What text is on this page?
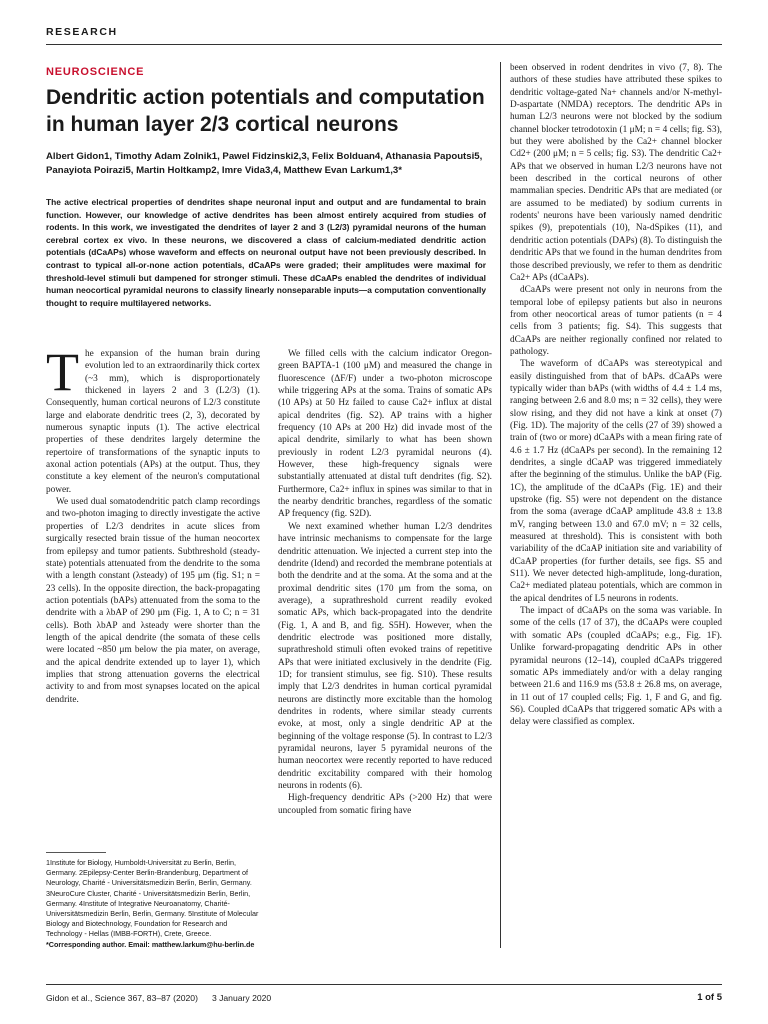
RESEARCH
NEUROSCIENCE
Dendritic action potentials and computation in human layer 2/3 cortical neurons

Albert Gidon1, Timothy Adam Zolnik1, Pawel Fidzinski2,3, Felix Bolduan4, Athanasia Papoutsi5, Panayiota Poirazi5, Martin Holtkamp2, Imre Vida3,4, Matthew Evan Larkum1,3*

The active electrical properties of dendrites shape neuronal input and output and are fundamental to brain function. However, our knowledge of active dendrites has been almost entirely acquired from studies of rodents. In this work, we investigated the dendrites of layer 2 and 3 (L2/3) pyramidal neurons of the human cerebral cortex ex vivo. In these neurons, we discovered a class of calcium-mediated dendritic action potentials (dCaAPs) whose waveform and effects on neuronal output have not been previously described. In contrast to typical all-or-none action potentials, dCaAPs were graded; their amplitudes were maximal for threshold-level stimuli but dampened for stronger stimuli. These dCaAPs enabled the dendrites of individual human neocortical pyramidal neurons to classify linearly nonseparable inputs—a computation conventionally thought to require multilayered networks.

The expansion of the human brain during evolution led to an extraordinarily thick cortex (~3 mm), which is disproportionately thickened in layers 2 and 3 (L2/3) (1). Consequently, human cortical neurons of L2/3 constitute large and elaborate dendritic trees (2, 3), decorated by numerous synaptic inputs (1). The active electrical properties of these dendrites largely determine the repertoire of transformations of the synaptic inputs to axonal action potentials (APs) at the output. Thus, they constitute a key element of the neuron's computational power.

We used dual somatodendritic patch clamp recordings and two-photon imaging to directly investigate the active properties of L2/3 dendrites in acute slices from surgically resected brain tissue of the human neocortex from epilepsy and tumor patients. Subthreshold (steady-state) potentials attenuated from the dendrite to the soma with a length constant (λsteady) of 195 μm (fig. S1; n = 23 cells). In the opposite direction, the back-propagating action potentials (bAPs) attenuated from the soma to the dendrite with a λbAP of 290 μm (Fig. 1, A to C; n = 31 cells). Both λbAP and λsteady were shorter than the length of the apical dendrite (the somata of these cells were located ~850 μm below the pia mater, on average, and the apical dendrite extended up to layer 1), which implies that strong attenuation governs the electrical activity to and from most synapses located on the apical dendrite.

We filled cells with the calcium indicator Oregon-green BAPTA-1 (100 μM) and measured the change in fluorescence (ΔF/F) under a two-photon microscope while triggering APs at the soma. Trains of somatic APs (10 APs) at 50 Hz failed to cause Ca2+ influx at distal apical dendrites (fig. S2). AP trains with a higher frequency (10 APs at 200 Hz) did invade most of the apical dendrite, similarly to what has been shown previously in rodent L2/3 pyramidal neurons (4). However, these high-frequency signals were substantially attenuated at distal tuft dendrites (fig. S2). Furthermore, Ca2+ influx in spines was similar to that in the nearby dendritic branches, regardless of the somatic AP frequency (fig. S2D).

We next examined whether human L2/3 dendrites have intrinsic mechanisms to compensate for the large dendritic attenuation. We injected a current step into the dendrite (Idend) and recorded the membrane potentials at both the dendrite and at the soma. At the soma and at the proximal dendritic sites (170 μm from the soma, on average), a suprathreshold current readily evoked somatic APs, which back-propagated into the dendrite (Fig. 1, A and B, and fig. S5H). However, when the dendritic electrode was positioned more distally, suprathreshold stimuli often evoked trains of repetitive APs that were initiated exclusively in the dendrite (Fig. 1D; for transient stimulus, see fig. S10). These results imply that L2/3 dendrites in human cortical pyramidal neurons are distinctly more excitable than the homolog dendrites in rodents, where similar steady currents evoke, at most, only a single dendritic AP at the beginning of the voltage response (5). In contrast to L2/3 pyramidal neurons, layer 5 pyramidal neurons of the human neocortex were recently reported to have reduced dendritic excitability compared with their homolog neurons in rodents (6).

High-frequency dendritic APs (>200 Hz) that were uncoupled from somatic firing have

been observed in rodent dendrites in vivo (7, 8). The authors of these studies have attributed these spikes to dendritic voltage-gated Na+ channels and/or N-methyl-D-aspartate (NMDA) receptors. The dendritic APs in human L2/3 neurons were not blocked by the sodium channel blocker tetrodotoxin (1 μM; n = 4 cells; fig. S3), but they were abolished by the Ca2+ channel blocker Cd2+ (200 μM; n = 5 cells; fig. S3). The dendritic Ca2+ APs that we observed in human L2/3 neurons have not been described in the cortical neurons of other mammalian species. Dendritic APs that are mediated (or are assumed to be mediated) by sodium currents in rodents' neurons have been variously named dendritic spikes (9), prepotentials (10), Na-dSpikes (11), and dendritic action potentials (DAPs) (8). To distinguish the dendritic APs that we found in the human dendrites from those described previously, we refer to them as dendritic Ca2+ APs (dCaAPs).

dCaAPs were present not only in neurons from the temporal lobe of epilepsy patients but also in neurons from other neocortical areas of tumor patients (n = 4 cells from 3 patients; fig. S4). This suggests that dCaAPs are neither regionally confined nor related to pathology.

The waveform of dCaAPs was stereotypical and easily distinguished from that of bAPs. dCaAPs were typically wider than bAPs (with widths of 4.4 ± 1.4 ms, ranging between 2.6 and 8.0 ms; n = 32 cells), they were slow rising, and they did not have a kink at onset (7) (Fig. 1D). The majority of the cells (27 of 39) showed a train of (two or more) dCaAPs with a mean firing rate of 4.6 ± 1.7 Hz (dCaAPs per second). In the remaining 12 dendrites, a single dCaAP was triggered immediately after the beginning of the stimulus. Unlike the bAP (Fig. 1C), the amplitude of the dCaAPs (Fig. 1E) and their upstroke (fig. S5) were not dependent on the distance from the soma (average dCaAP amplitude 43.8 ± 13.8 mV, ranging between 13.0 and 67.0 mV; n = 32 cells, measured at threshold). This is consistent with both variability of the dCaAP initiation site and variability of dCaAP properties (for further details, see figs. S5 and S11). We never detected high-amplitude, long-duration, Ca2+ mediated plateau potentials, which are common in the apical dendrites of L5 neurons in rodents.

The impact of dCaAPs on the soma was variable. In some of the cells (17 of 37), the dCaAPs were coupled with somatic APs (coupled dCaAPs; e.g., Fig. 1F). Unlike forward-propagating dendritic APs in other pyramidal neurons (12–14), coupled dCaAPs triggered somatic APs immediately and/or with a delay ranging between 21.6 and 116.9 ms (53.8 ± 26.8 ms, on average, in 11 out of 17 coupled cells; Fig. 1, F and G, and fig. S6). Coupled dCaAPs that triggered somatic APs with a delay were classified as complex.

1Institute for Biology, Humboldt-Universität zu Berlin, Berlin, Germany. 2Epilepsy-Center Berlin-Brandenburg, Department of Neurology, Charité - Universitätsmedizin Berlin, Berlin, Germany. 3NeuroCure Cluster, Charité - Universitätsmedizin Berlin, Berlin, Germany. 4Institute of Integrative Neuroanatomy, Charité-Universitätsmedizin Berlin, Berlin, Germany. 5Institute of Molecular Biology and Biotechnology, Foundation for Research and Technology - Hellas (IMBB-FORTH), Crete, Greece.
*Corresponding author. Email: matthew.larkum@hu-berlin.de
Gidon et al., Science 367, 83–87 (2020) 3 January 2020	1 of 5
